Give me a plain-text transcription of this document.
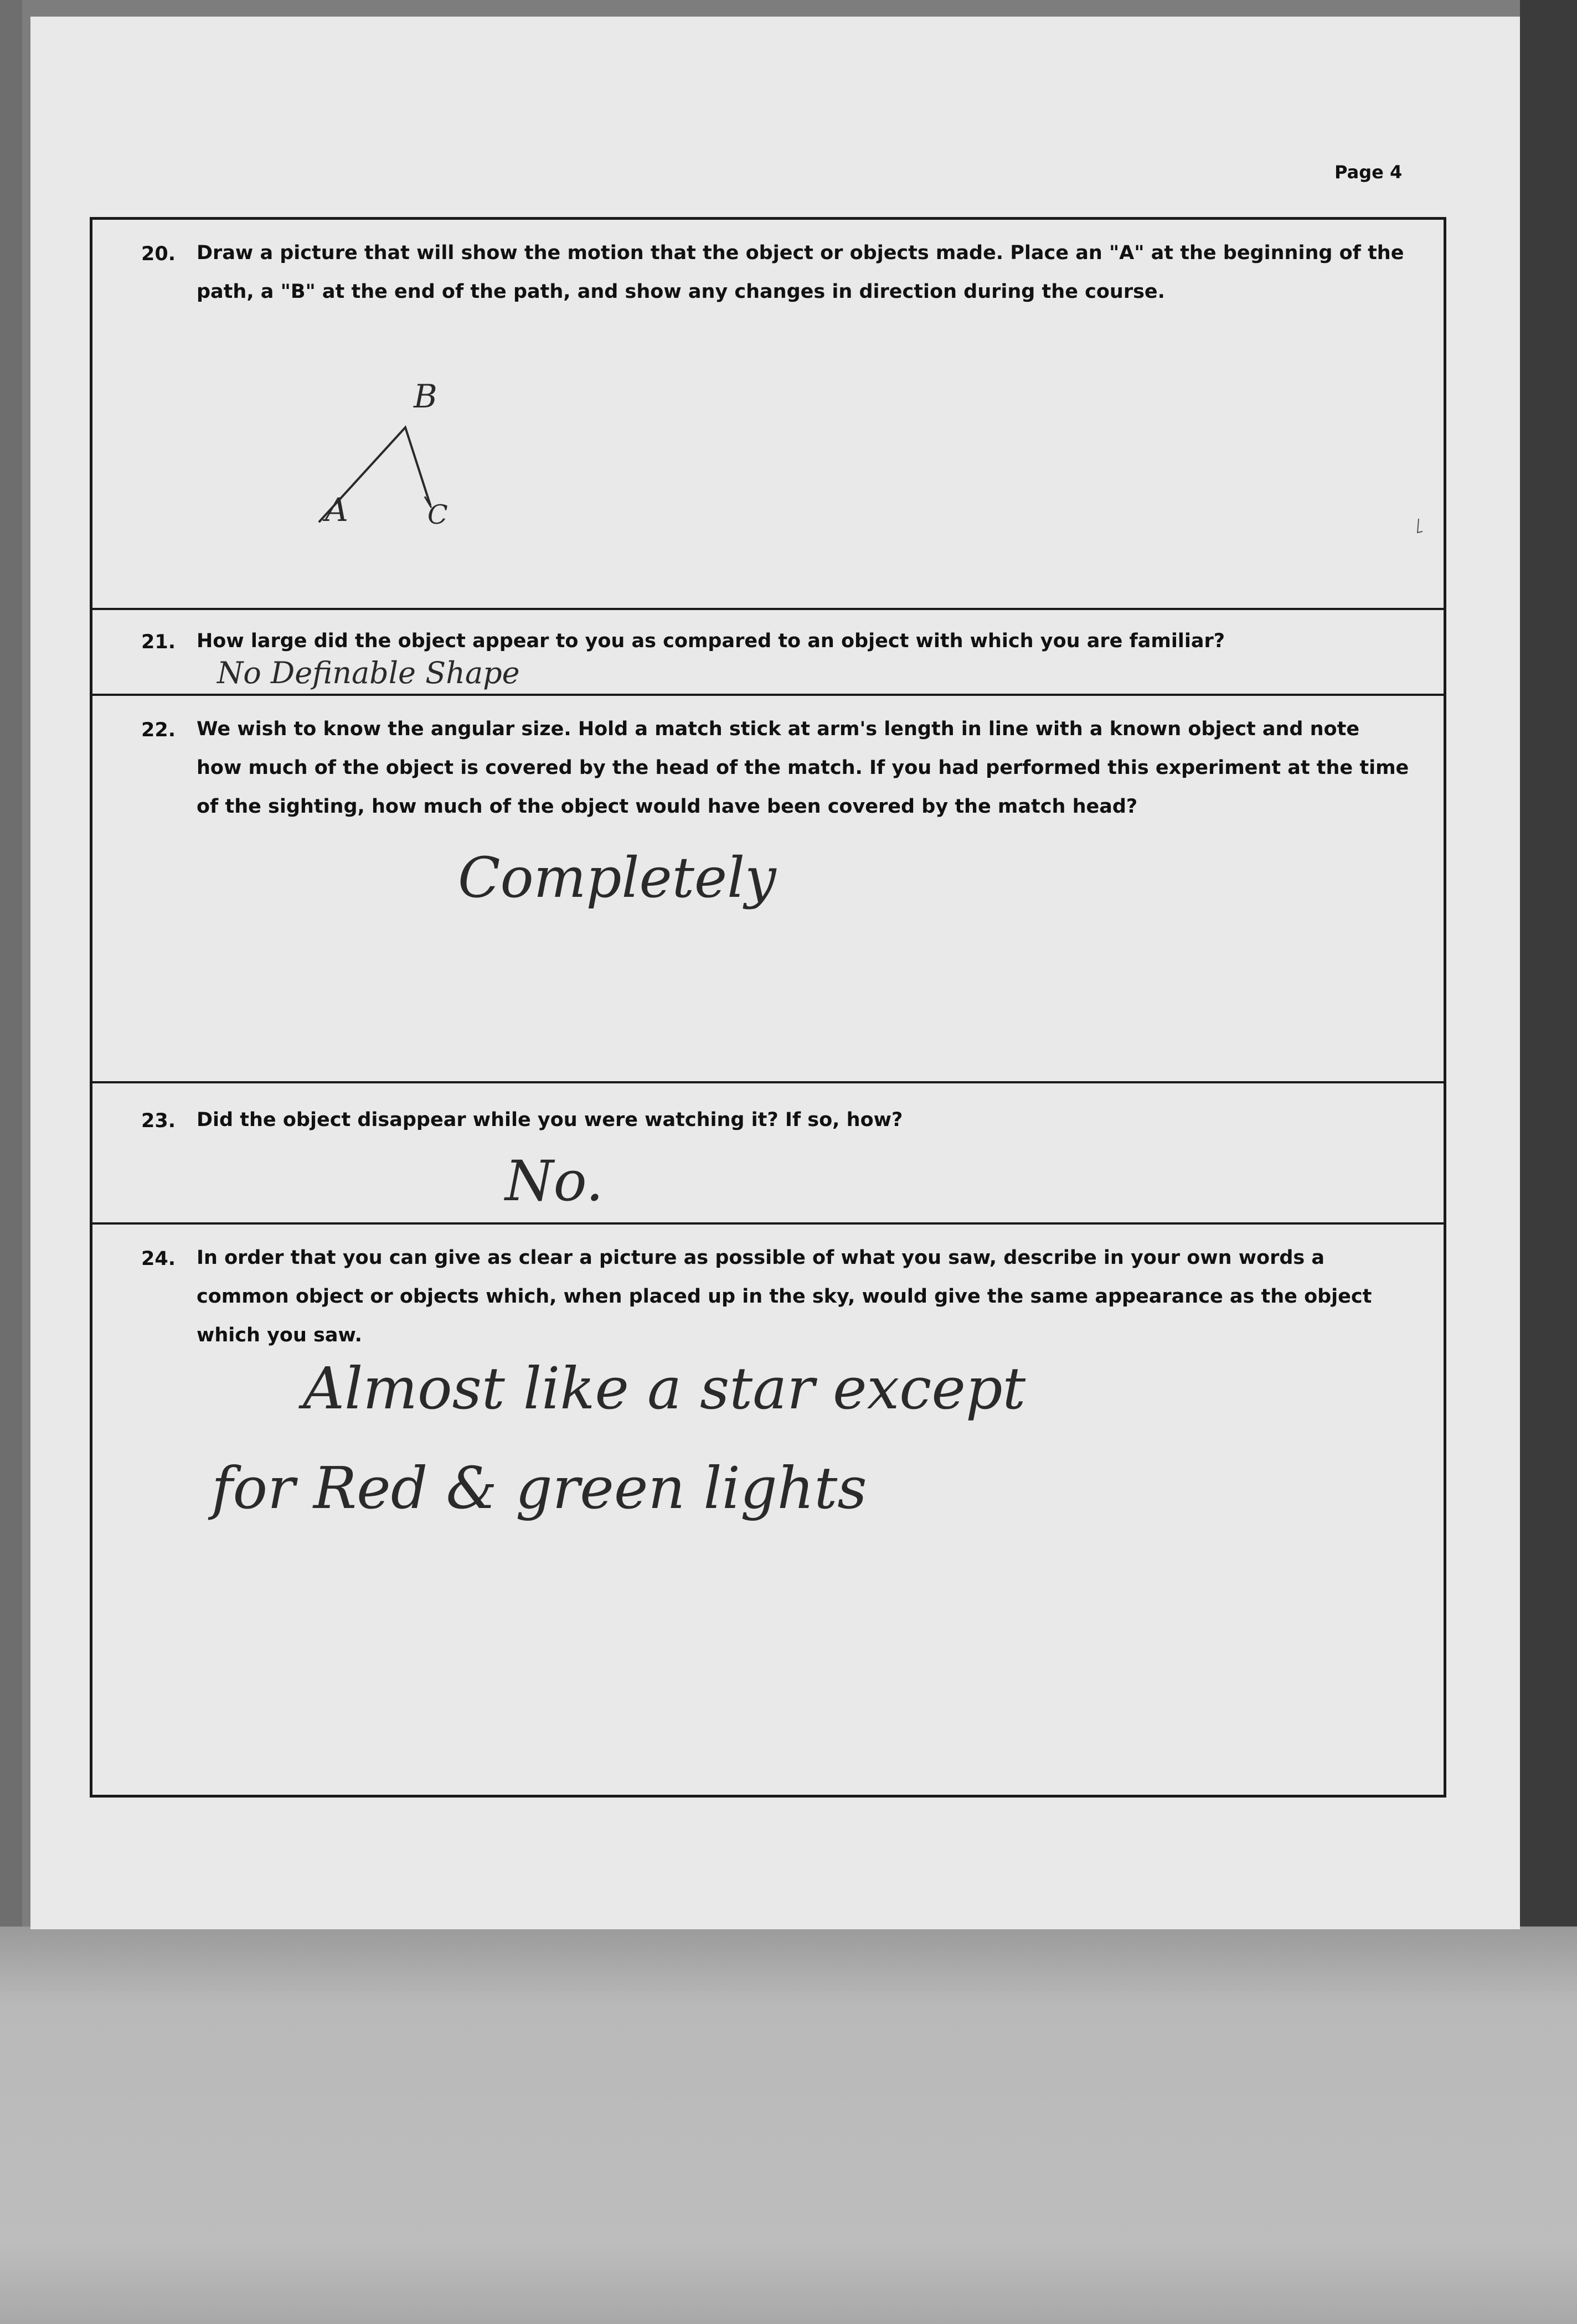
Page 4
20.	Draw a picture that will show the motion that the object or objects made. Place an "A" at the beginning of the path, a "B" at the end of the path, and show any changes in direction during the course.
A
B
C
21.	How large did the object appear to you as compared to an object with which you are familiar?
No Definable Shape
22.	We wish to know the angular size. Hold a match stick at arm's length in line with a known object and note how much of the object is covered by the head of the match. If you had performed this experiment at the time of the sighting, how much of the object would have been covered by the match head?
Completely
23.	Did the object disappear while you were watching it? If so, how?
No.
24.	In order that you can give as clear a picture as possible of what you saw, describe in your own words a common object or objects which, when placed up in the sky, would give the same appearance as the object which you saw.
Almost like a star except
for Red & green lights
